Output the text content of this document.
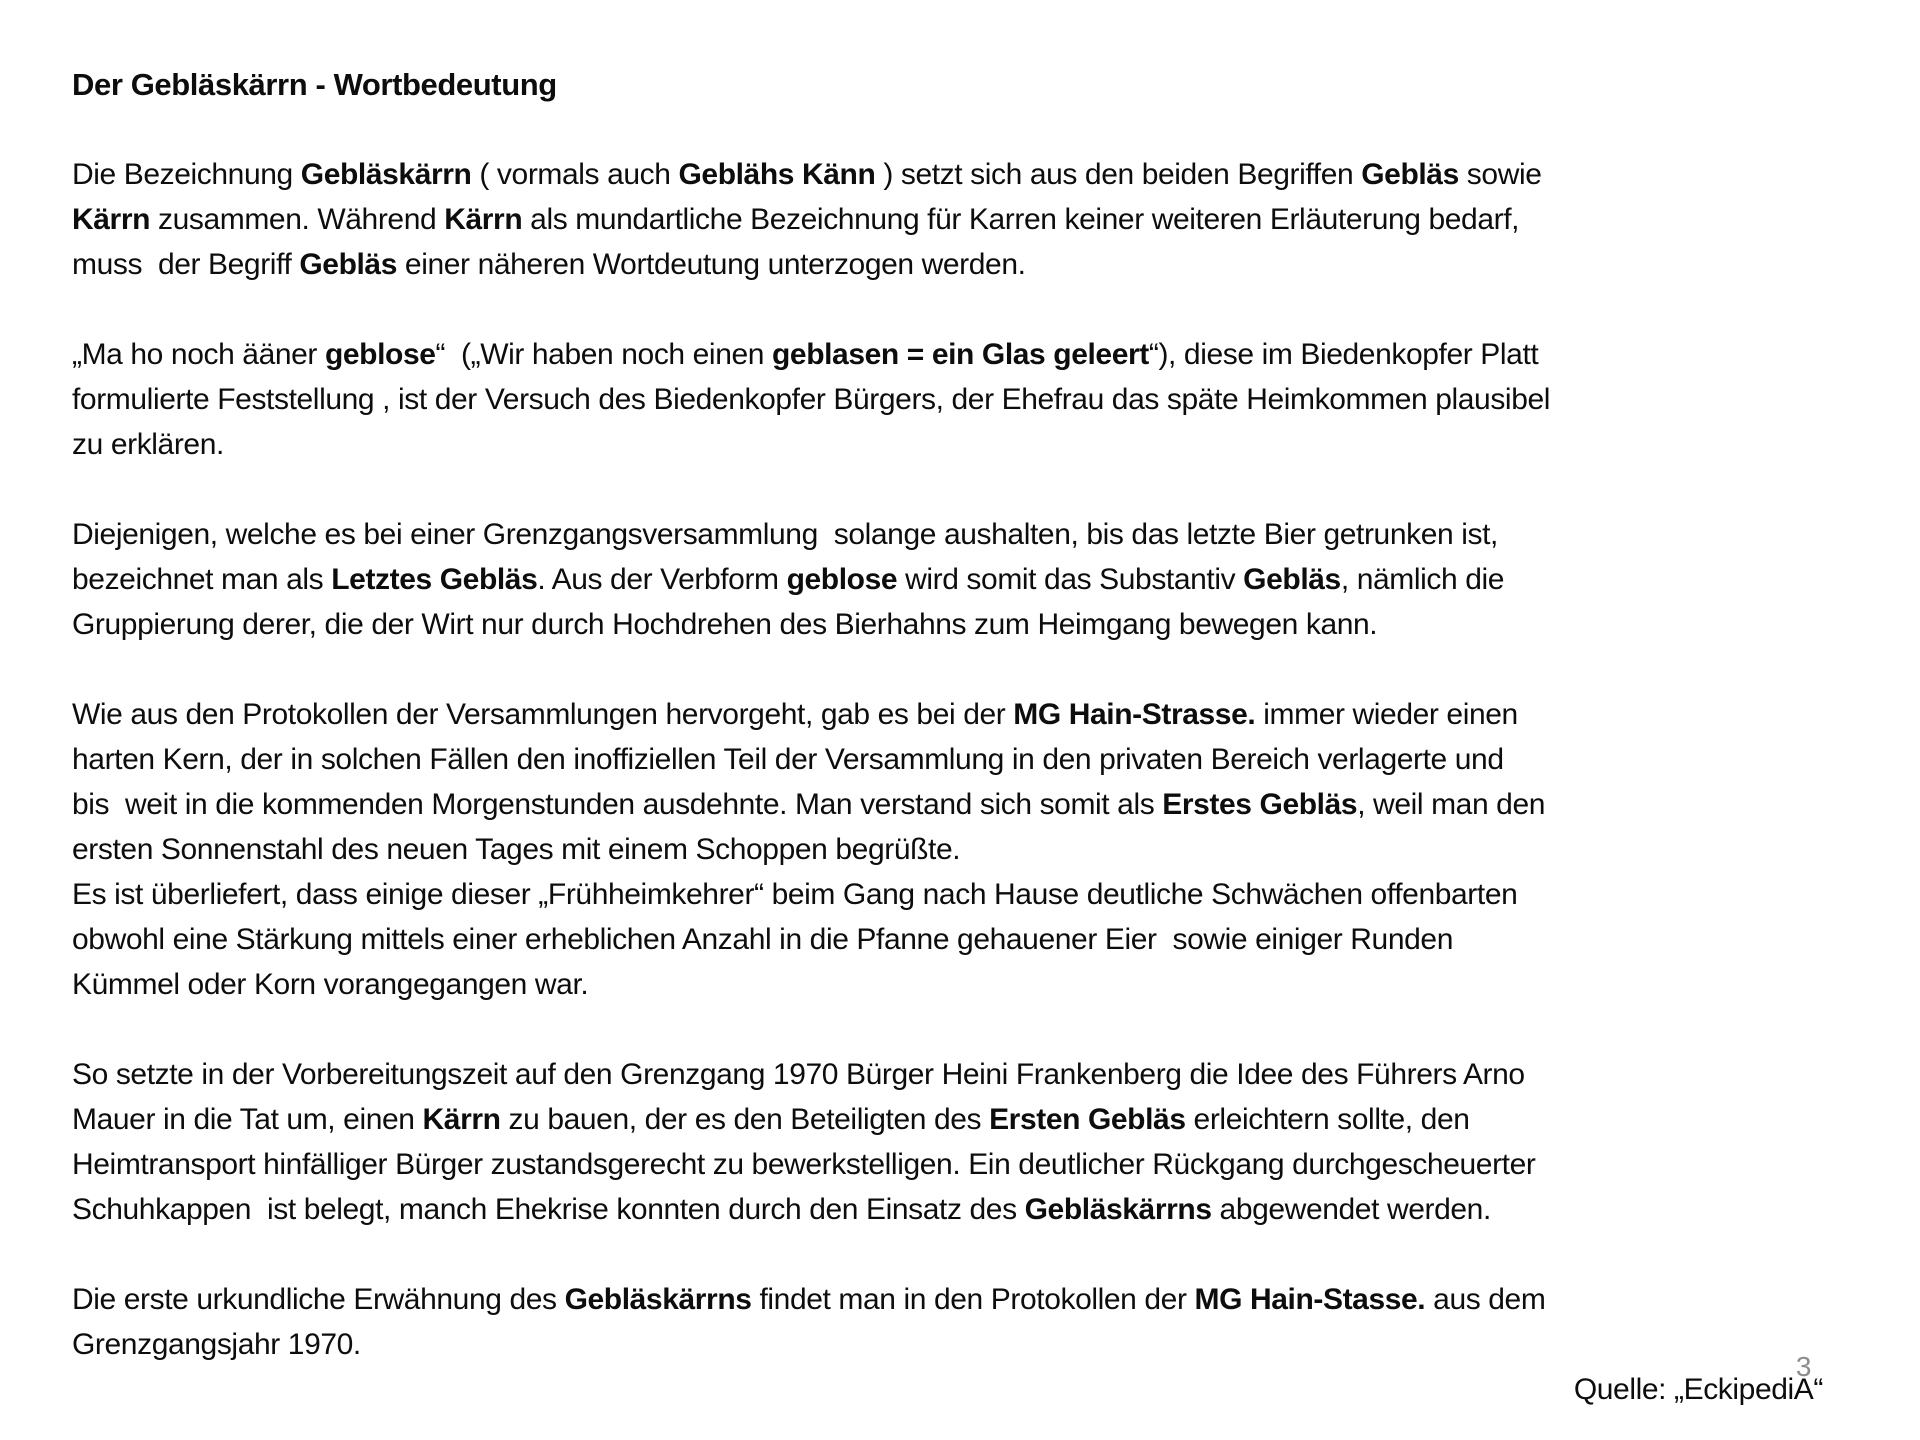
Der Gebläskärrn - Wortbedeutung

Die Bezeichnung Gebläskärrn ( vormals auch Geblähs Känn ) setzt sich aus den beiden Begriffen Gebläs sowie
Kärrn zusammen. Während Kärrn als mundartliche Bezeichnung für Karren keiner weiteren Erläuterung bedarf,
muss  der Begriff Gebläs einer näheren Wortdeutung unterzogen werden.

„Ma ho noch ääner geblose“  („Wir haben noch einen geblasen = ein Glas geleert“), diese im Biedenkopfer Platt
formulierte Feststellung , ist der Versuch des Biedenkopfer Bürgers, der Ehefrau das späte Heimkommen plausibel
zu erklären.

Diejenigen, welche es bei einer Grenzgangsversammlung  solange aushalten, bis das letzte Bier getrunken ist,
bezeichnet man als Letztes Gebläs. Aus der Verbform geblose wird somit das Substantiv Gebläs, nämlich die
Gruppierung derer, die der Wirt nur durch Hochdrehen des Bierhahns zum Heimgang bewegen kann.

Wie aus den Protokollen der Versammlungen hervorgeht, gab es bei der MG Hain-Strasse. immer wieder einen
harten Kern, der in solchen Fällen den inoffiziellen Teil der Versammlung in den privaten Bereich verlagerte und
bis  weit in die kommenden Morgenstunden ausdehnte. Man verstand sich somit als Erstes Gebläs, weil man den
ersten Sonnenstahl des neuen Tages mit einem Schoppen begrüßte.
Es ist überliefert, dass einige dieser „Frühheimkehrer“ beim Gang nach Hause deutliche Schwächen offenbarten
obwohl eine Stärkung mittels einer erheblichen Anzahl in die Pfanne gehauener Eier  sowie einiger Runden
Kümmel oder Korn vorangegangen war.

So setzte in der Vorbereitungszeit auf den Grenzgang 1970 Bürger Heini Frankenberg die Idee des Führers Arno
Mauer in die Tat um, einen Kärrn zu bauen, der es den Beteiligten des Ersten Gebläs erleichtern sollte, den
Heimtransport hinfälliger Bürger zustandsgerecht zu bewerkstelligen. Ein deutlicher Rückgang durchgescheuerter
Schuhkappen  ist belegt, manch Ehekrise konnten durch den Einsatz des Gebläskärrns abgewendet werden.

Die erste urkundliche Erwähnung des Gebläskärrns findet man in den Protokollen der MG Hain-Stasse. aus dem
Grenzgangsjahr 1970.

Quelle: „EckipediA“
3
